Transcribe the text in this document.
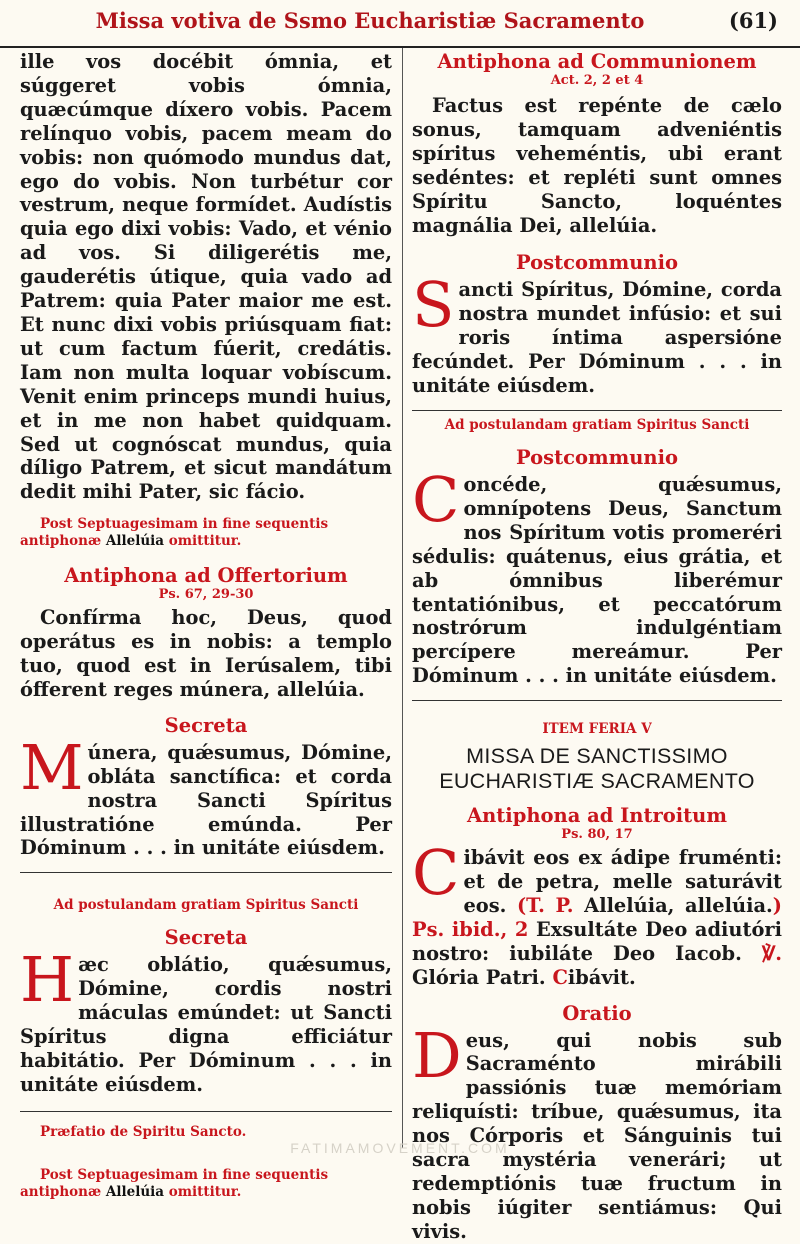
Missa votiva de Ssmo Eucharistiæ Sacramento	(61)

ille vos docébit ómnia, et súggeret vobis ómnia, quæcúmque díxero vobis. Pacem relínquo vobis, pacem meam do vobis: non quómodo mundus dat, ego do vobis. Non turbétur cor vestrum, neque formídet. Audístis quia ego dixi vobis: Vado, et vénio ad vos. Si diligerétis me, gauderétis útique, quia vado ad Patrem: quia Pater maior me est. Et nunc dixi vobis priúsquam fiat: ut cum factum fúerit, credátis. Iam non multa loquar vobíscum. Venit enim princeps mundi huius, et in me non habet quidquam. Sed ut cognóscat mundus, quia díligo Patrem, et sicut mandátum dedit mihi Pater, sic fácio.

Post Septuagesimam in fine sequentis antiphonæ Allelúia omittitur.

Antiphona ad Offertorium

Ps. 67, 29-30

Confírma hoc, Deus, quod operátus es in nobis: a templo tuo, quod est in Ierúsalem, tibi ófferent reges múnera, allelúia.

Secreta

Múnera, quǽsumus, Dómine, obláta sanctífica: et corda nostra Sancti Spíritus illustratióne emúnda. Per Dóminum . . . in unitáte eiúsdem.

Ad postulandam gratiam Spiritus Sancti

Secreta

Hæc oblátio, quǽsumus, Dómine, cordis nostri máculas emúndet: ut Sancti Spíritus digna efficiátur habitátio. Per Dóminum . . . in unitáte eiúsdem.

Præfatio de Spiritu Sancto.

Post Septuagesimam in fine sequentis antiphonæ Allelúia omittitur.

Antiphona ad Communionem

Act. 2, 2 et 4

Factus est repénte de cælo sonus, tamquam adveniéntis spíritus veheméntis, ubi erant sedéntes: et repléti sunt omnes Spíritu Sancto, loquéntes magnália Dei, allelúia.

Postcommunio

Sancti Spíritus, Dómine, corda nostra mundet infúsio: et sui roris íntima aspersióne fecúndet. Per Dóminum . . . in unitáte eiúsdem.

Ad postulandam gratiam Spiritus Sancti

Postcommunio

Concéde, quǽsumus, omnípotens Deus, Sanctum nos Spíritum votis promeréri sédulis: quátenus, eius grátia, et ab ómnibus liberémur tentatiónibus, et peccatórum nostrórum indulgéntiam percípere mereámur. Per Dóminum . . . in unitáte eiúsdem.

ITEM FERIA V

MISSA DE SANCTISSIMO

EUCHARISTIÆ SACRAMENTO

Antiphona ad Introitum

Ps. 80, 17

Cibávit eos ex ádipe fruménti: et de petra, melle saturávit eos. (T. P. Allelúia, allelúia.) Ps. ibid., 2 Exsultáte Deo adiutóri nostro: iubiláte Deo Iacob. ℣. Glória Patri. Cibávit.

Oratio

Deus, qui nobis sub Sacraménto mirábili passiónis tuæ memóriam reliquísti: tríbue, quǽsumus, ita nos Córporis et Sánguinis tui sacra mystéria venerári; ut redemptiónis tuæ fructum in nobis iúgiter sentiámus: Qui vivis.

FATIMAMOVEMENT.COM
